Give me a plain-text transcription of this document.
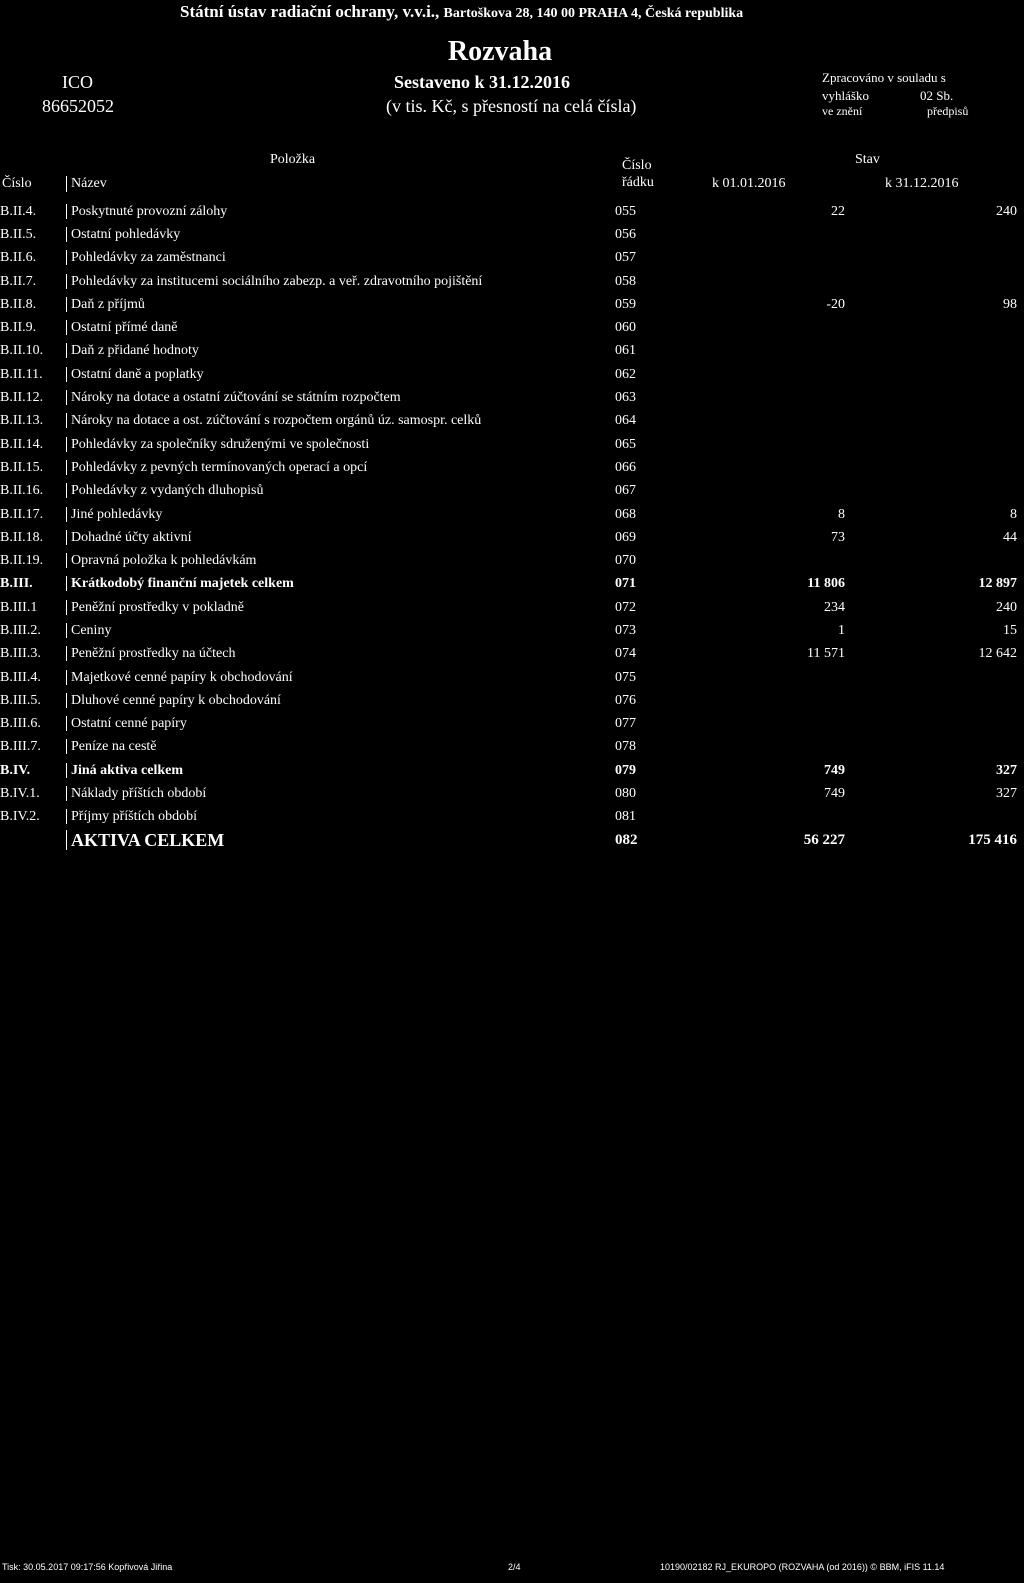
Státní ústav radiační ochrany, v.v.i., Bartoškova 28, 140 00 PRAHA 4, Česká republika
Rozvaha
ICO
86652052
Sestaveno k 31.12.2016
(v tis. Kč, s přesností na celá čísla)
Zpracováno v souladu s
vyhláško	02 Sb.
ve znění	předpisů
Položka	Číslo
řádku
Stav
Číslo	Název	k 01.01.2016	k 31.12.2016
B.II.4.	Poskytnuté provozní zálohy	055	22	240
B.II.5.	Ostatní pohledávky	056		
B.II.6.	Pohledávky za zaměstnanci	057		
B.II.7.	Pohledávky za institucemi sociálního zabezp. a veř. zdravotního pojištění	058		
B.II.8.	Daň z příjmů	059	-20	98
B.II.9.	Ostatní přímé daně	060		
B.II.10.	Daň z přidané hodnoty	061		
B.II.11.	Ostatní daně a poplatky	062		
B.II.12.	Nároky na dotace a ostatní zúčtování se státním rozpočtem	063		
B.II.13.	Nároky na dotace a ost. zúčtování s rozpočtem orgánů úz. samospr. celků	064		
B.II.14.	Pohledávky za společníky sdruženými ve společnosti	065		
B.II.15.	Pohledávky z pevných termínovaných operací a opcí	066		
B.II.16.	Pohledávky z vydaných dluhopisů	067		
B.II.17.	Jiné pohledávky	068	8	8
B.II.18.	Dohadné účty aktivní	069	73	44
B.II.19.	Opravná položka k pohledávkám	070		
B.III.	Krátkodobý finanční majetek celkem	071	11 806	12 897
B.III.1	Peněžní prostředky v pokladně	072	234	240
B.III.2.	Ceniny	073	1	15
B.III.3.	Peněžní prostředky na účtech	074	11 571	12 642
B.III.4.	Majetkové cenné papíry k obchodování	075		
B.III.5.	Dluhové cenné papíry k obchodování	076		
B.III.6.	Ostatní cenné papíry	077		
B.III.7.	Peníze na cestě	078		
B.IV.	Jiná aktiva celkem	079	749	327
B.IV.1.	Náklady příštích období	080	749	327
B.IV.2.	Příjmy příštích období	081		
	AKTIVA CELKEM	082	56 227	175 416
Tisk: 30.05.2017 09:17:56 Kopřivová Jiřina	2/4	10190/02182 RJ_EKUROPO (ROZVAHA (od 2016)) © BBM, iFIS 11.14
